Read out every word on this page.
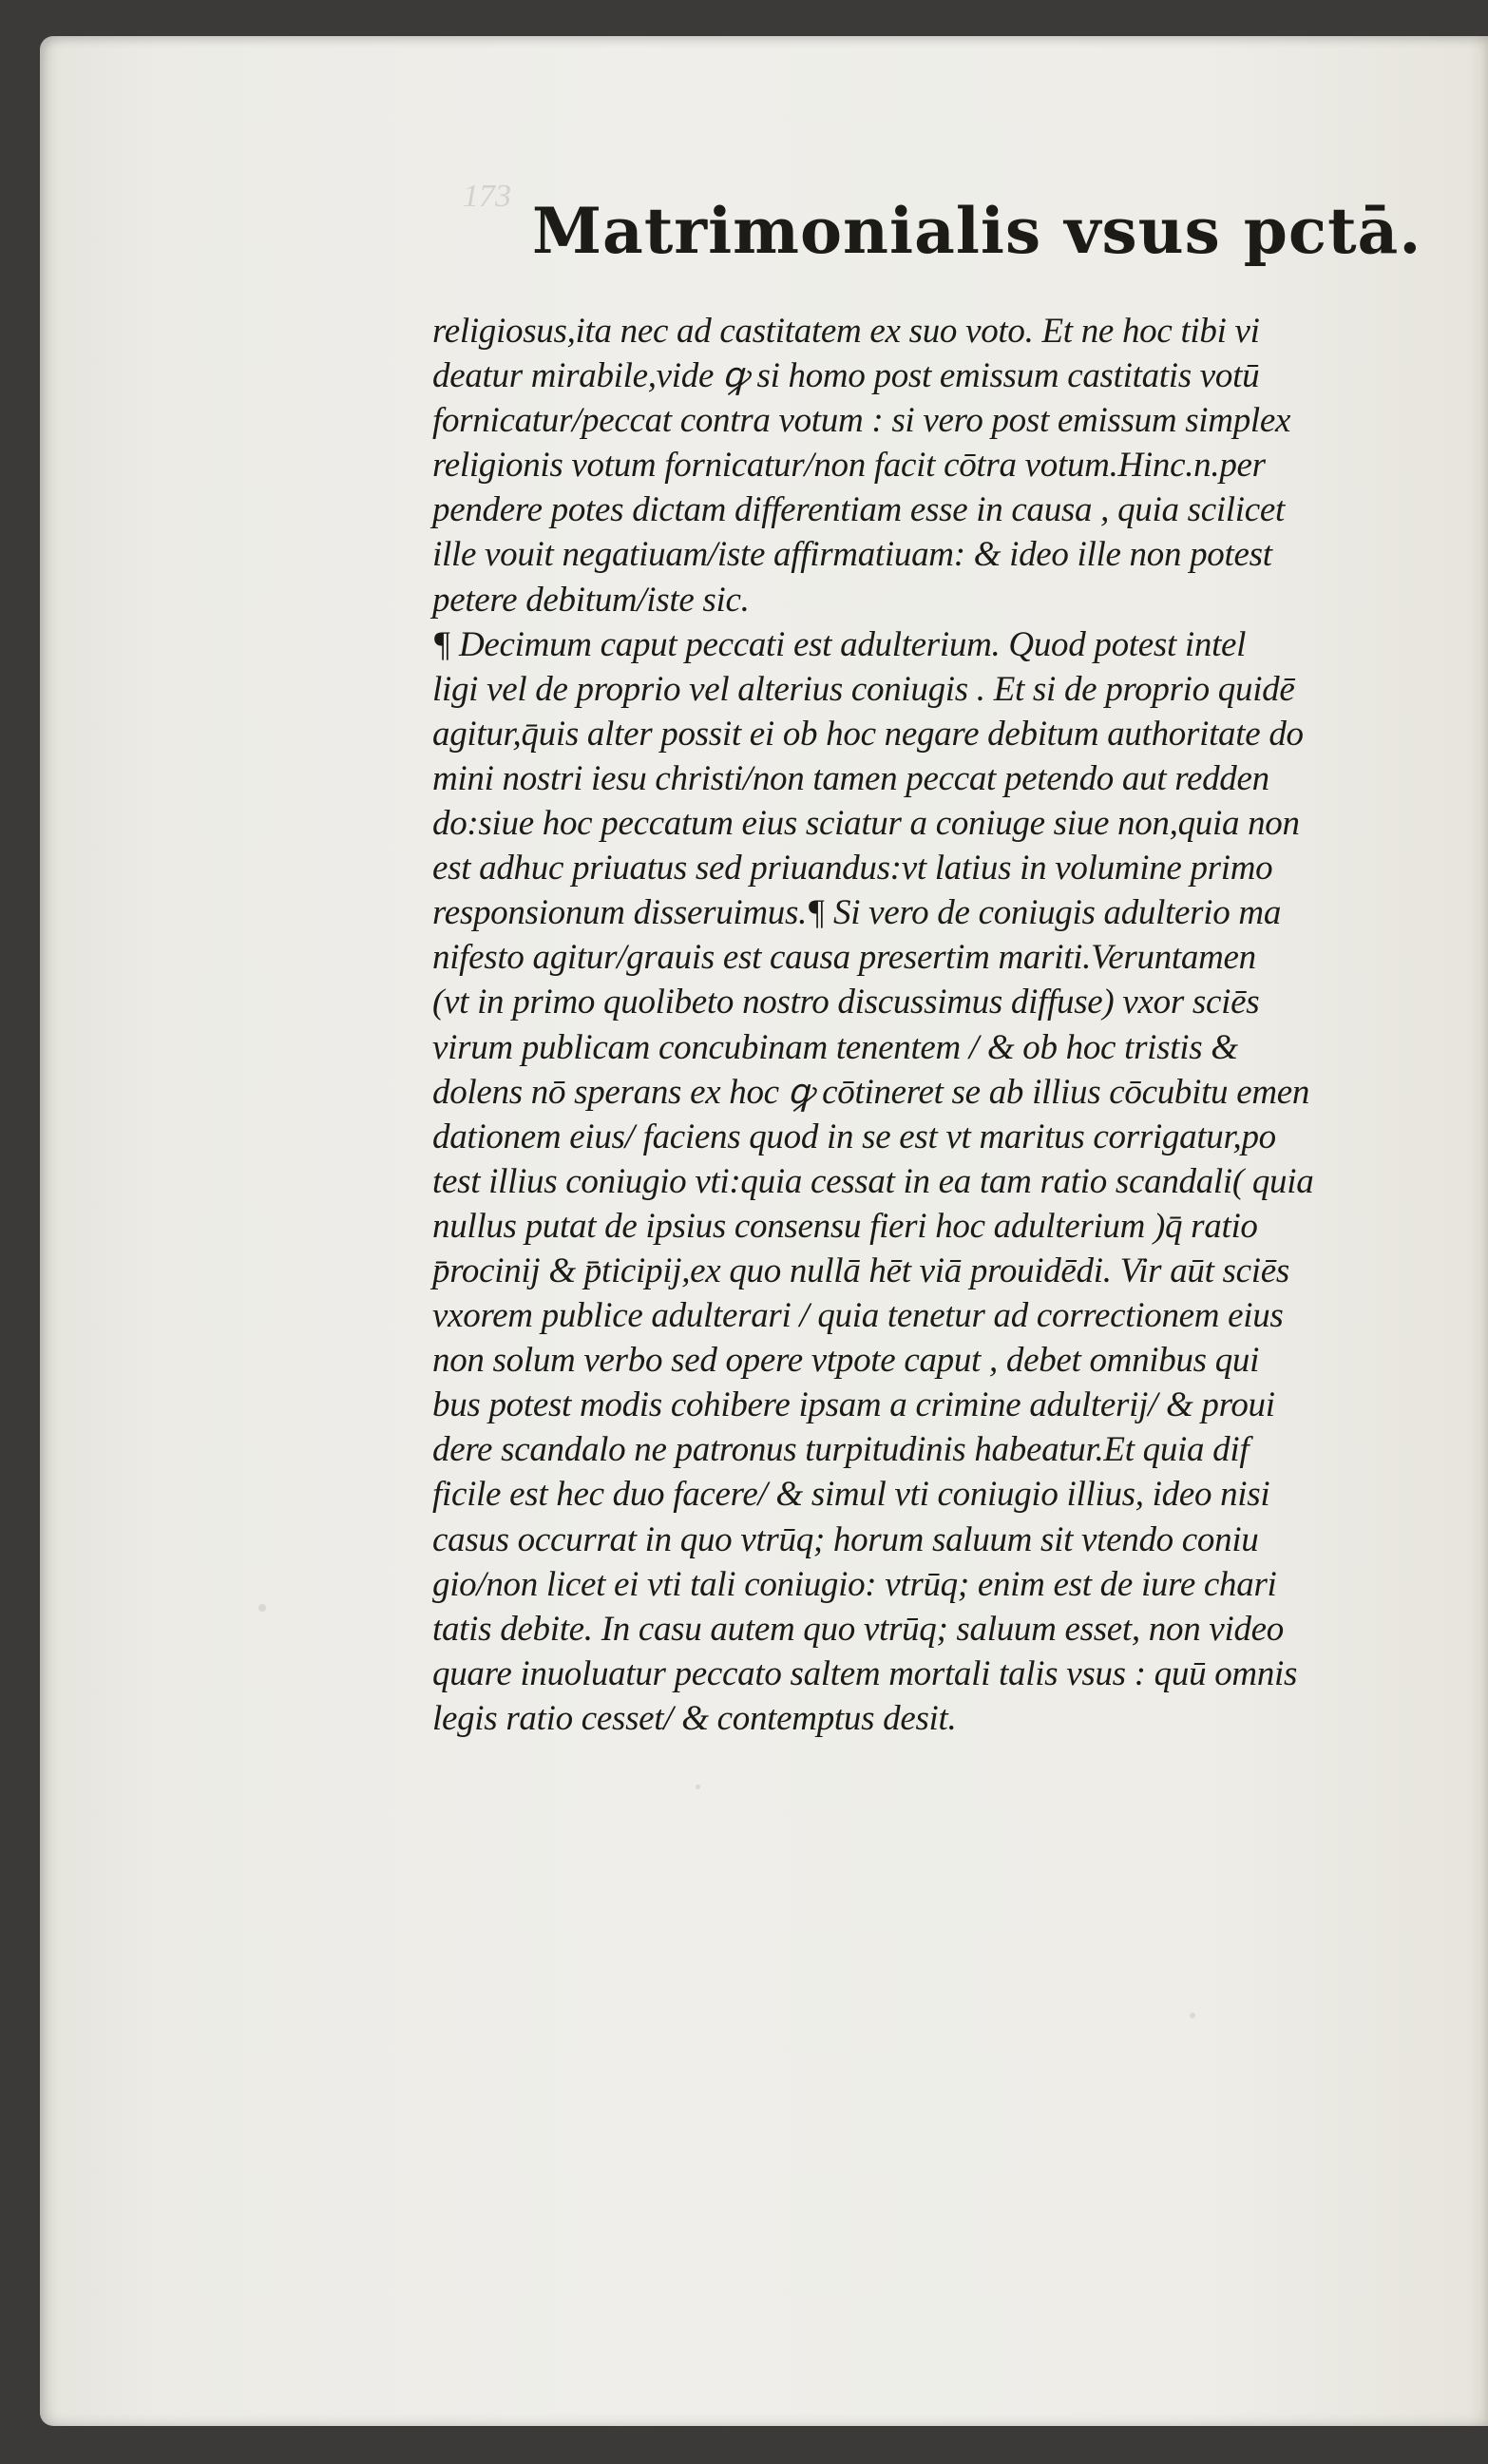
173 Matrimonialis vsus pctā.
religiosus,ita nec ad castitatem ex suo voto. Et ne hoc tibi vi
deatur mirabile,vide ꝙ si homo post emissum castitatis votū
fornicatur/peccat contra votum : si vero post emissum simplex
religionis votum fornicatur/non facit cōtra votum.Hinc.n.per
pendere potes dictam differentiam esse in causa , quia scilicet
ille vouit negatiuam/iste affirmatiuam: & ideo ille non potest
petere debitum/iste sic.
¶ Decimum caput peccati est adulterium. Quod potest intel
ligi vel de proprio vel alterius coniugis . Et si de proprio quidē
agitur,q̄uis alter possit ei ob hoc negare debitum authoritate do
mini nostri iesu christi/non tamen peccat petendo aut redden
do:siue hoc peccatum eius sciatur a coniuge siue non,quia non
est adhuc priuatus sed priuandus:vt latius in volumine primo
responsionum disseruimus.¶ Si vero de coniugis adulterio ma
nifesto agitur/grauis est causa presertim mariti.Veruntamen
(vt in primo quolibeto nostro discussimus diffuse) vxor sciēs
virum publicam concubinam tenentem / & ob hoc tristis &
dolens nō sperans ex hoc ꝙ cōtineret se ab illius cōcubitu emen
dationem eius/ faciens quod in se est vt maritus corrigatur,po
test illius coniugio vti:quia cessat in ea tam ratio scandali( quia
nullus putat de ipsius consensu fieri hoc adulterium )q̄ ratio
p̄rocinij & p̄ticipij,ex quo nullā hēt viā prouidēdi. Vir aūt sciēs
vxorem publice adulterari / quia tenetur ad correctionem eius
non solum verbo sed opere vtpote caput , debet omnibus qui
bus potest modis cohibere ipsam a crimine adulterij/ & proui
dere scandalo ne patronus turpitudinis habeatur.Et quia dif
ficile est hec duo facere/ & simul vti coniugio illius, ideo nisi
casus occurrat in quo vtrūq; horum saluum sit vtendo coniu
gio/non licet ei vti tali coniugio: vtrūq; enim est de iure chari
tatis debite. In casu autem quo vtrūq; saluum esset, non video
quare inuoluatur peccato saltem mortali talis vsus : quū omnis
legis ratio cesset/ & contemptus desit.
